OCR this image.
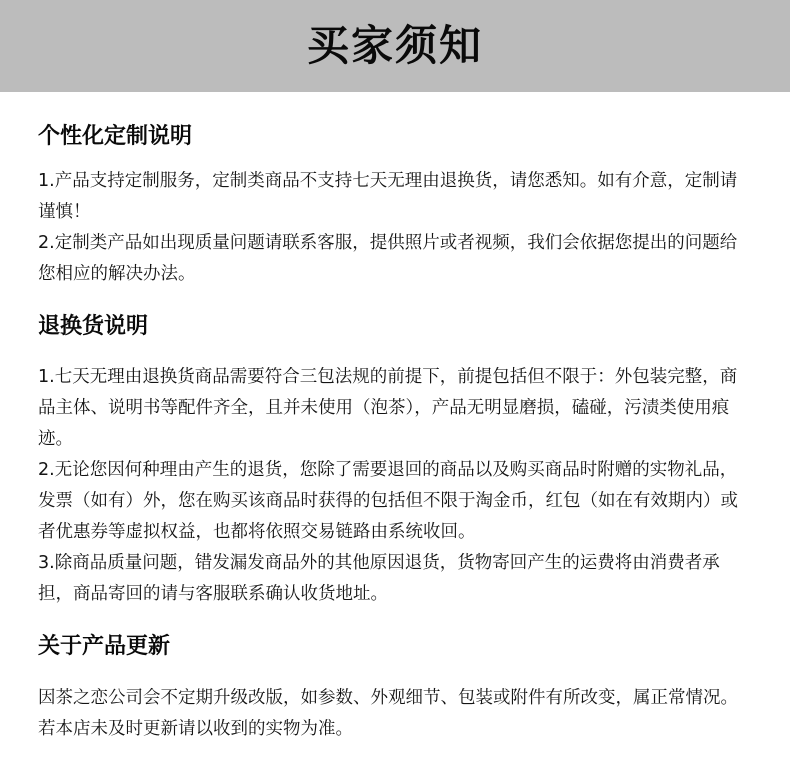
买家须知
个性化定制说明

1.产品支持定制服务，定制类商品不支持七天无理由退换货，请您悉知。如有介意，定制请谨慎！

2.定制类产品如出现质量问题请联系客服，提供照片或者视频，我们会依据您提出的问题给您相应的解决办法。

退换货说明

1.七天无理由退换货商品需要符合三包法规的前提下，前提包括但不限于：外包装完整，商品主体、说明书等配件齐全，且并未使用（泡茶），产品无明显磨损，磕碰，污渍类使用痕迹。

2.无论您因何种理由产生的退货，您除了需要退回的商品以及购买商品时附赠的实物礼品，发票（如有）外，您在购买该商品时获得的包括但不限于淘金币，红包（如在有效期内）或者优惠券等虚拟权益，也都将依照交易链路由系统收回。

3.除商品质量问题，错发漏发商品外的其他原因退货，货物寄回产生的运费将由消费者承担，商品寄回的请与客服联系确认收货地址。

关于产品更新

因茶之恋公司会不定期升级改版，如参数、外观细节、包装或附件有所改变，属正常情况。若本店未及时更新请以收到的实物为准。
